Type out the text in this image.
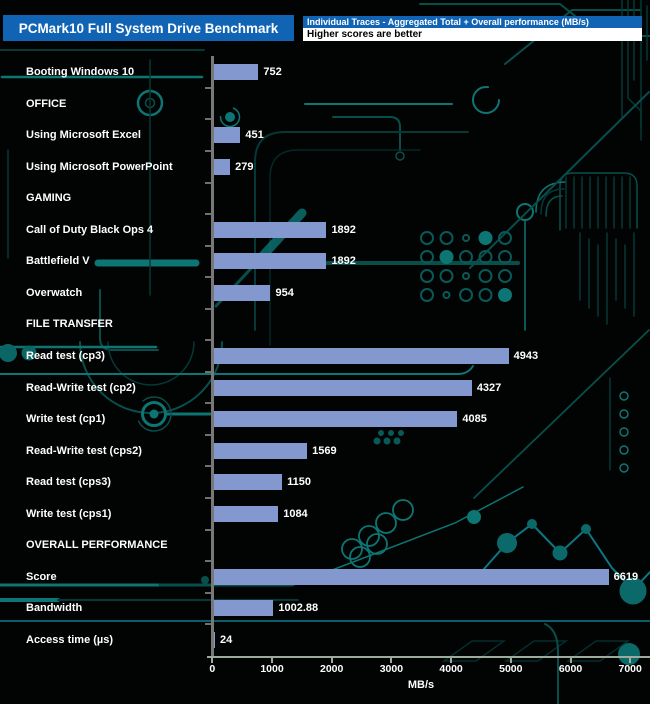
PCMark10 Full System Drive Benchmark	Individual Traces - Aggregated Total + Overall performance (MB/s)
Higher scores are better
Booting Windows 10	752
OFFICE
Using Microsoft Excel	451
Using Microsoft PowerPoint	279
GAMING
Call of Duty Black Ops 4	1892
Battlefield V	1892
Overwatch	954
FILE TRANSFER
Read test (cp3)	4943
Read-Write test (cp2)	4327
Write test (cp1)	4085
Read-Write test (cps2)	1569
Read test (cps3)	1150
Write test (cps1)	1084
OVERALL PERFORMANCE
Score	6619
Bandwidth	1002.88
Access time (µs)	24
0	1000	2000	3000	4000	5000	6000	7000
MB/s
